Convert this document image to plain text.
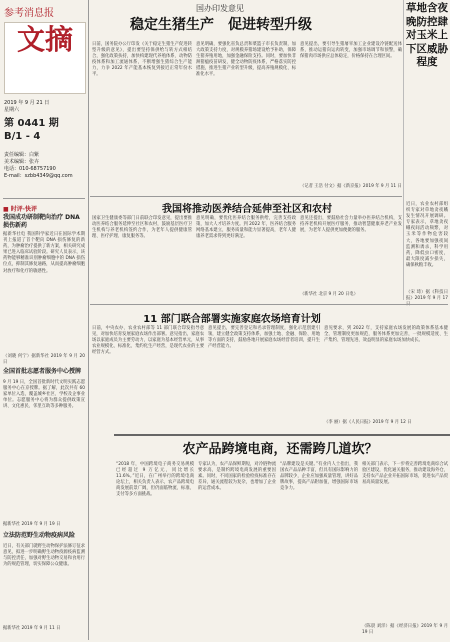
参考消息报
文摘
2019 年 9 月 21 日
星期六
第 0441 期
B/1 - 4
责任编辑：白紫
美术编辑：张卉
电话：010-68757190
E-mail：szbb4349@qq.com
■ 时评·快评
我国成功研制靶向治疗 DNA 损伤新药
据新华社电 我国科学家近日在国际学术期刊上报道了首个靶向 DNA 损伤修复的新药，为肿瘤治疗提供了新方案，相关研究成果已进入临床试验阶段。研究人员表示，该药物能够精准识别肿瘤细胞中的 DNA 损伤位点，抑制其修复通路，从而提高肿瘤细胞对放疗和化疗的敏感性。
（刘晓 何宁）据新华社 2019 年 9 月 20 日
全国首批志愿者服务中心授牌
9 月 19 日，全国首批新时代文明实践志愿服务中心在京授牌。据了解，此次共有 60 家单位入选，覆盖城乡社区、学校及企事业单位。志愿服务中心将为群众提供政策宣讲、文化惠民、邻里互助等多种服务。
据新华社 2019 年 9 月 19 日
立法防范野生动物疫病风险
近日，有关部门就野生动物保护法修订征求意见，拟进一步明确野生动物疫源疫病监测与防控责任，加强对野生动物交易和食用行为的规范管理，切实保障公众健康。
据新华社 2019 年 9 月 11 日
国办印发意见
稳定生猪生产　促进转型升级
日前，国务院办公厅印发《关于稳定生猪生产促进转型升级的意见》，提出要坚持保供给与转方式相结合，强化政策扶持，加快构建现代养殖体系、动物防疫体系和加工流通体系，不断增强生猪综合生产能力，力争 2022 年产能基本恢复到接近正常年份水平。
意见明确，要强化省负总责和菜篮子市长负责制，加大政策支持力度，对规模养猪场建设给予补助，保障生猪养殖用地，加强金融保险支持。同时，要加快非洲猪瘟疫苗研发，健全动物防疫体系，严格落实防控措施，推进生猪产业转型升级，提高养殖规模化、标准化水平。
意见提出，要引导生猪屠宰加工企业建设冷链配送体系，推动运猪向运肉转变，加强市场调节和预警，确保猪肉市场供应总体稳定，价格保持在合理区间。
（记者 王浩 付文）据《新京报》2019 年 9 月 11 日
草地含夜晚防控肆对玉米上下区威胁程度
近日，农业农村部组织专家对草地贪夜蛾发生情况开展调研。专家表示，草地贪夜蛾夜间活动频繁，对玉米等作物危害较大，各地要加强夜间监测和诱杀，科学用药，降低虫口密度，最大限度减少损失，确保秋粮丰收。
（宋 琦）据《科技日报》2019 年 9 月 17
我国将推动医养结合延伸至社区和农村
国家卫生健康委等部门日前联合印发意见，提出要推动医养结合服务延伸至社区和农村，鼓励基层医疗卫生机构与养老机构签约合作，为老年人提供健康管理、医疗护理、康复服务等。
意见明确，要优化医养结合服务供给，完善支持政策，加大人才培养力度。到 2022 年，医养结合服务网络基本建立，服务质量和能力显著提高，老年人健康养老需求得到更好满足。
意见还提出，要鼓励社会力量举办医养结合机构，支持养老机构开展医疗服务，推动智慧健康养老产业发展，为老年人提供更加便捷的服务。
（新华社 北京 9 月 20 日电）
11 部门联合部署实施家庭农场培育计划
日前，中央农办、农业农村部等 11 部门联合印发指导意见，对加快培育发展家庭农场作出部署。意见指出，家庭农场以家庭成员为主要劳动力，以家庭为基本经营单元，从事农业规模化、标准化、集约化生产经营，是现代农业的主要经营方式。
意见提出，要完善登记和名录管理制度，强化示范创建引领，建立健全政策支持体系，加强土地、金融、保险、用地等方面的支持，鼓励各地开展家庭农场经营者培训，提升生产经营能力。
意见要求，到 2022 年，支持家庭农场发展的政策体系基本健全，管理制度更加规范，服务体系更加完善，一批规模适度、生产集约、管理先进、效益明显的家庭农场加快成长。
（李 丽）据《人民日报》2019 年 9 月 12 日
农产品跨境电商，还需跨几道坎？
“2018 年，中国跨境电子商务交易规模已经超过 9 万亿元，同比增长 11.6%。”近日，在广州举行的跨境电商论坛上，相关负责人表示，农产品跨境电商发展前景广阔，但仍面临物流、标准、支付等多方面挑战。
专家认为，农产品保鲜期短，对冷链物流要求高，是制约跨境电商发展的重要因素。同时，不同国家的检验检疫标准存在差异，通关流程较为复杂，也增加了企业的运营成本。
“品牌建设是关键。”有业内人士指出，我国农产品品种丰富，但具有国际影响力的品牌较少，企业应加强质量管理，讲好品牌故事，提高产品附加值，增强国际市场竞争力。
相关部门表示，下一步将完善跨境电商综合试验区建设，优化通关服务，推动建设海外仓，支持农产品企业开拓国际市场，促进农产品贸易高质量发展。
（陈晨 刘洋）据《经济日报》2019 年 9 月 19 日
